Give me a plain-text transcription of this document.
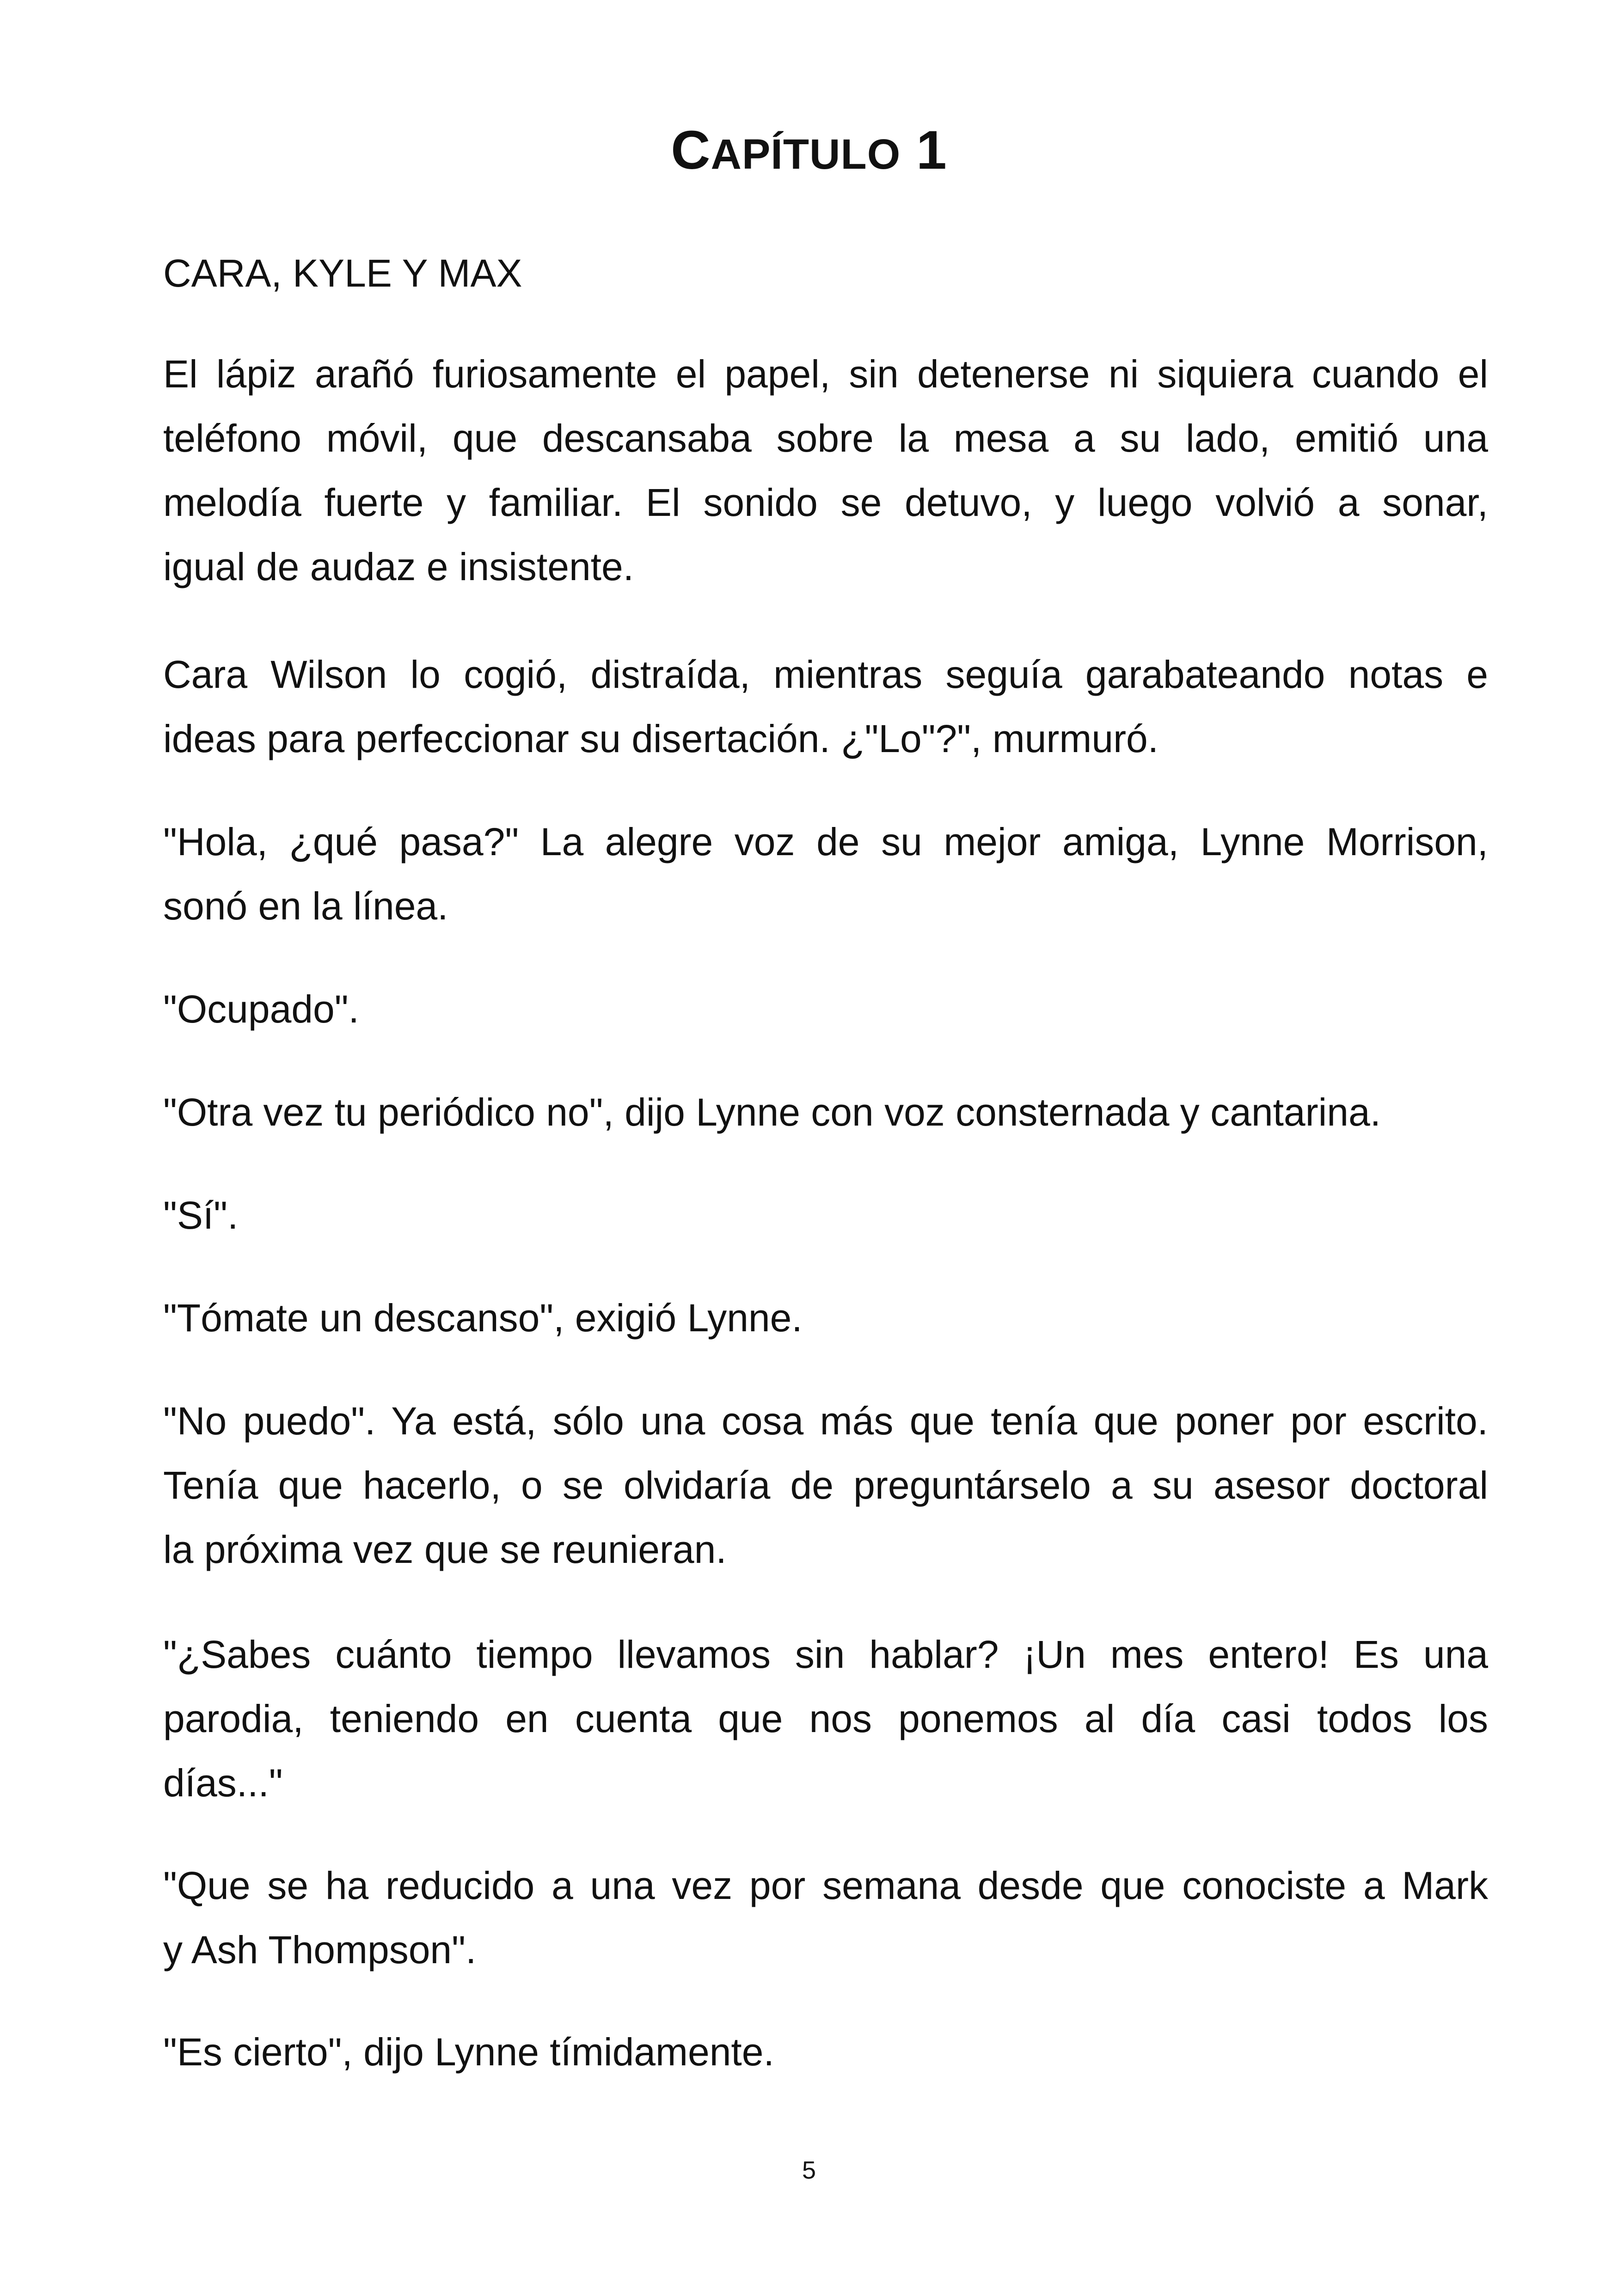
CAPÍTULO 1
CARA, KYLE Y MAX
El lápiz arañó furiosamente el papel, sin detenerse ni siquiera cuando el
teléfono móvil, que descansaba sobre la mesa a su lado, emitió una
melodía fuerte y familiar. El sonido se detuvo, y luego volvió a sonar,
igual de audaz e insistente.
Cara Wilson lo cogió, distraída, mientras seguía garabateando notas e
ideas para perfeccionar su disertación. ¿"Lo"?", murmuró.
"Hola, ¿qué pasa?" La alegre voz de su mejor amiga, Lynne Morrison,
sonó en la línea.
"Ocupado".
"Otra vez tu periódico no", dijo Lynne con voz consternada y cantarina.
"Sí".
"Tómate un descanso", exigió Lynne.
"No puedo". Ya está, sólo una cosa más que tenía que poner por escrito.
Tenía que hacerlo, o se olvidaría de preguntárselo a su asesor doctoral
la próxima vez que se reunieran.
"¿Sabes cuánto tiempo llevamos sin hablar? ¡Un mes entero! Es una
parodia, teniendo en cuenta que nos ponemos al día casi todos los
días..."
"Que se ha reducido a una vez por semana desde que conociste a Mark
y Ash Thompson".
"Es cierto", dijo Lynne tímidamente.
5
